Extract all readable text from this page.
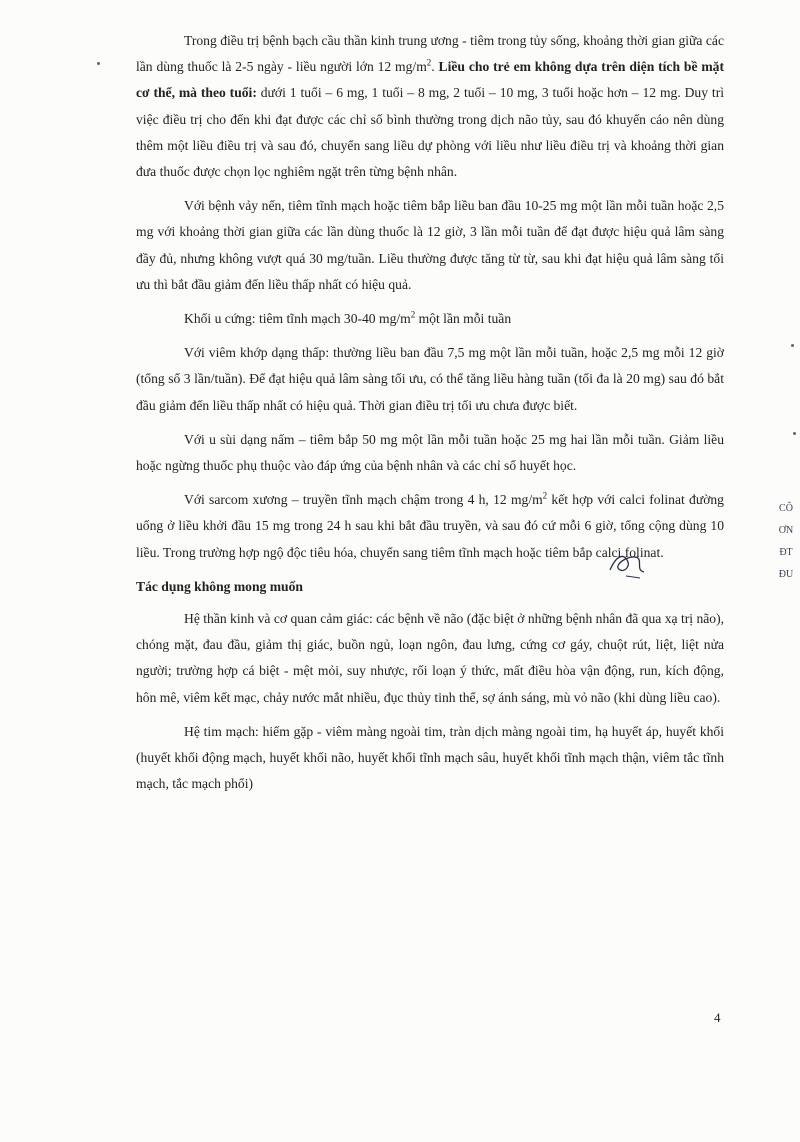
Trong điều trị bệnh bạch cầu thần kinh trung ương - tiêm trong tủy sống, khoảng thời gian giữa các lần dùng thuốc là 2-5 ngày - liều người lớn 12 $mg/m^2$. Liều cho trẻ em không dựa trên diện tích bề mặt cơ thể, mà theo tuổi: dưới 1 tuổi – 6 mg, 1 tuổi – 8 mg, 2 tuổi – 10 mg, 3 tuổi hoặc hơn – 12 mg. Duy trì việc điều trị cho đến khi đạt được các chỉ số bình thường trong dịch não tủy, sau đó khuyến cáo nên dùng thêm một liều điều trị và sau đó, chuyển sang liều dự phòng với liều như liều điều trị và khoảng thời gian đưa thuốc được chọn lọc nghiêm ngặt trên từng bệnh nhân.

Với bệnh vảy nến, tiêm tĩnh mạch hoặc tiêm bắp liều ban đầu 10-25 mg một lần mỗi tuần hoặc 2,5 mg với khoảng thời gian giữa các lần dùng thuốc là 12 giờ, 3 lần mỗi tuần để đạt được hiệu quả lâm sàng đầy đủ, nhưng không vượt quá 30 mg/tuần. Liều thường được tăng từ từ, sau khi đạt hiệu quả lâm sàng tối ưu thì bắt đầu giảm đến liều thấp nhất có hiệu quả.

Khối u cứng: tiêm tĩnh mạch 30-40 $mg/m^2$ một lần mỗi tuần

Với viêm khớp dạng thấp: thường liều ban đầu 7,5 mg một lần mỗi tuần, hoặc 2,5 mg mỗi 12 giờ (tổng số 3 lần/tuần). Để đạt hiệu quả lâm sàng tối ưu, có thể tăng liều hàng tuần (tối đa là 20 mg) sau đó bắt đầu giảm đến liều thấp nhất có hiệu quả. Thời gian điều trị tối ưu chưa được biết.

Với u sùi dạng nấm – tiêm bắp 50 mg một lần mỗi tuần hoặc 25 mg hai lần mỗi tuần. Giảm liều hoặc ngừng thuốc phụ thuộc vào đáp ứng của bệnh nhân và các chỉ số huyết học.

Với sarcom xương – truyền tĩnh mạch chậm trong 4 h, 12 $mg/m^2$ kết hợp với calci folinat đường uống ở liều khởi đầu 15 mg trong 24 h sau khi bắt đầu truyền, và sau đó cứ mỗi 6 giờ, tổng cộng dùng 10 liều. Trong trường hợp ngộ độc tiêu hóa, chuyển sang tiêm tĩnh mạch hoặc tiêm bắp calci folinat.

Tác dụng không mong muốn

Hệ thần kinh và cơ quan cảm giác: các bệnh về não (đặc biệt ở những bệnh nhân đã qua xạ trị não), chóng mặt, đau đầu, giảm thị giác, buồn ngủ, loạn ngôn, đau lưng, cứng cơ gáy, chuột rút, liệt, liệt nửa người; trường hợp cá biệt - mệt mỏi, suy nhược, rối loạn ý thức, mất điều hòa vận động, run, kích động, hôn mê, viêm kết mạc, chảy nước mắt nhiều, đục thủy tinh thể, sợ ánh sáng, mù vỏ não (khi dùng liều cao).

Hệ tim mạch: hiếm gặp - viêm màng ngoài tim, tràn dịch màng ngoài tim, hạ huyết áp, huyết khối (huyết khối động mạch, huyết khối não, huyết khối tĩnh mạch sâu, huyết khối tĩnh mạch thận, viêm tắc tĩnh mạch, tắc mạch phổi)

CÔ
ƠN
ĐT
ĐU
4
